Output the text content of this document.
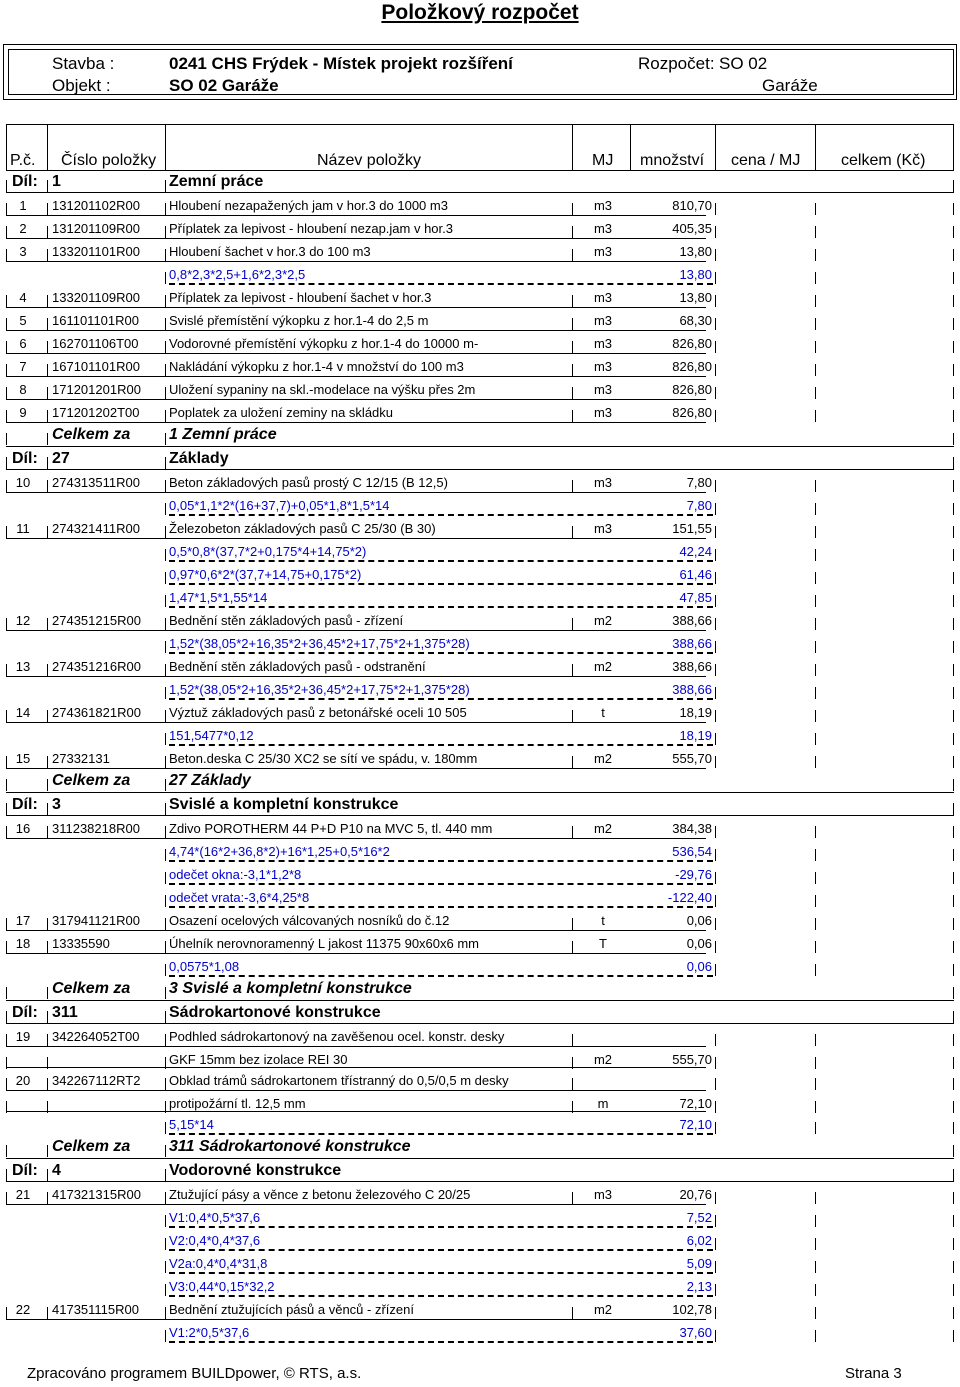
Položkový rozpočet
Stavba :	0241 CHS Frýdek - Místek projekt rozšíření
Objekt :	SO 02 Garáže
Rozpočet: SO 02
Garáže
P.č. Číslo položky	Název položky	MJ množství cena / MJ	celkem (Kč)
Díl: 1	Zemní práce
1	131201102R00 Hloubení nezapažených jam v hor.3 do 1000 m3	m3	810,70
2	131201109R00 Příplatek za lepivost - hloubení nezap.jam v hor.3	m3	405,35
3	133201101R00 Hloubení šachet v hor.3 do 100 m3	m3	13,80
0,8*2,3*2,5+1,6*2,3*2,5	13,80
4	133201109R00 Příplatek za lepivost - hloubení šachet v hor.3	m3	13,80
5	161101101R00 Svislé přemístění výkopku z hor.1-4 do 2,5 m	m3	68,30
6	162701106T00 Vodorovné přemístění výkopku z hor.1-4 do 10000 m-	m3	826,80
7	167101101R00 Nakládání výkopku z hor.1-4 v množství do 100 m3	m3	826,80
8	171201201R00 Uložení sypaniny na skl.-modelace na výšku přes 2m	m3	826,80
9	171201202T00 Poplatek za uložení zeminy na skládku	m3	826,80
Celkem za 1 Zemní práce
Díl: 27	Základy
10	274313511R00 Beton základových pasů prostý C 12/15 (B 12,5)	m3	7,80
0,05*1,1*2*(16+37,7)+0,05*1,8*1,5*14	7,80
11	274321411R00 Železobeton základových pasů C 25/30 (B 30)	m3	151,55
0,5*0,8*(37,7*2+0,175*4+14,75*2)	42,24
0,97*0,6*2*(37,7+14,75+0,175*2)	61,46
1,47*1,5*1,55*14	47,85
12	274351215R00 Bednění stěn základových pasů - zřízení	m2	388,66
1,52*(38,05*2+16,35*2+36,45*2+17,75*2+1,375*28)	388,66
13	274351216R00 Bednění stěn základových pasů - odstranění	m2	388,66
1,52*(38,05*2+16,35*2+36,45*2+17,75*2+1,375*28)	388,66
14	274361821R00 Výztuž základových pasů z betonářské oceli 10 505	t	18,19
151,5477*0,12	18,19
15	27332131	Beton.deska C 25/30 XC2 se sítí ve spádu, v. 180mm	m2	555,70
Celkem za 27 Základy
Díl: 3	Svislé a kompletní konstrukce
16	311238218R00 Zdivo POROTHERM 44 P+D P10 na MVC 5, tl. 440 mm	m2	384,38
4,74*(16*2+36,8*2)+16*1,25+0,5*16*2	536,54
odečet okna:-3,1*1,2*8	-29,76
odečet vrata:-3,6*4,25*8	-122,40
17	317941121R00 Osazení ocelových válcovaných nosníků do č.12	t	0,06
18	13335590	Úhelník nerovnoramenný L jakost 11375 90x60x6 mm	T	0,06
0,0575*1,08	0,06
Celkem za 3 Svislé a kompletní konstrukce
Díl: 311	Sádrokartonové konstrukce
19	342264052T00 Podhled sádrokartonový na zavěšenou ocel. konstr. desky
GKF 15mm bez izolace REI 30	m2	555,70
20	342267112RT2 Obklad trámů sádrokartonem třístranný do 0,5/0,5 m desky
protipožární tl. 12,5 mm	m	72,10
5,15*14	72,10
Celkem za 311 Sádrokartonové konstrukce
Díl: 4	Vodorovné konstrukce
21	417321315R00 Ztužující pásy a věnce z betonu železového C 20/25	m3	20,76
V1:0,4*0,5*37,6	7,52
V2:0,4*0,4*37,6	6,02
V2a:0,4*0,4*31,8	5,09
V3:0,44*0,15*32,2	2,13
22	417351115R00 Bednění ztužujících pásů a věnců - zřízení	m2	102,78
V1:2*0,5*37,6	37,60
Zpracováno programem BUILDpower, © RTS, a.s.	Strana 3
